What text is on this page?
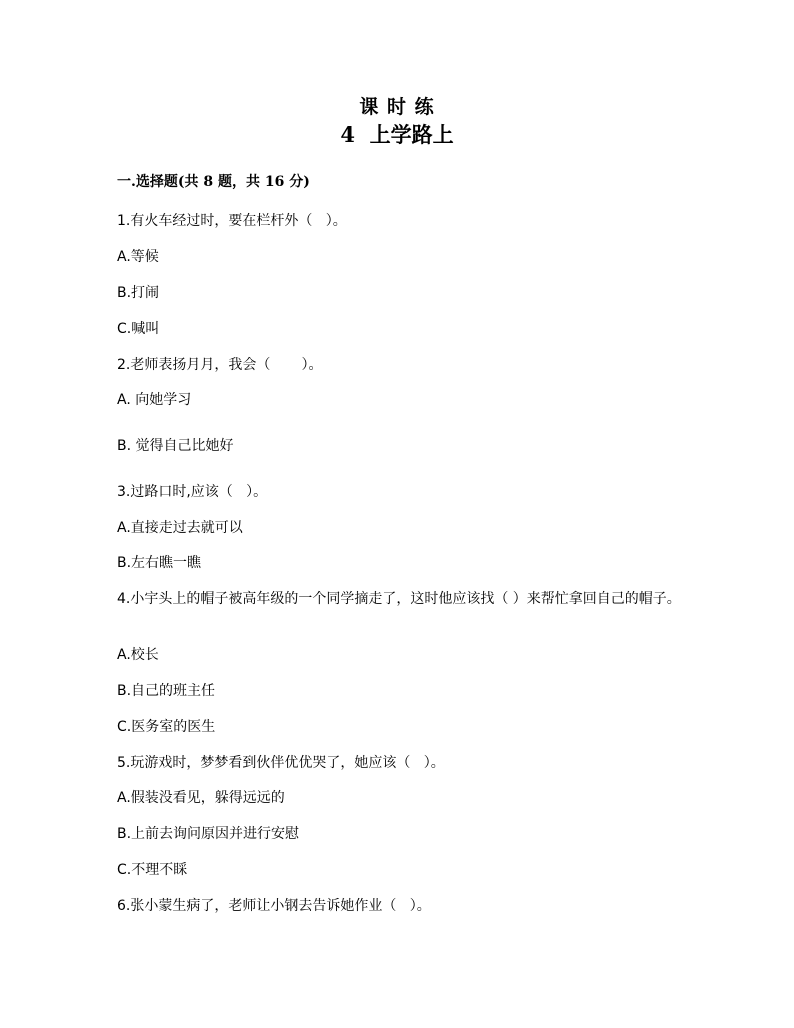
课 时 练
4  上学路上
一.选择题(共 8 题，共 16 分)
1.有火车经过时，要在栏杆外（   ）。
A.等候
B.打闹
C.喊叫
2.老师表扬月月，我会（       ）。
A. 向她学习
B. 觉得自己比她好
3.过路口时,应该（   ）。
A.直接走过去就可以
B.左右瞧一瞧
4.小宇头上的帽子被高年级的一个同学摘走了，这时他应该找（ ）来帮忙拿回自己的帽子。
A.校长
B.自己的班主任
C.医务室的医生
5.玩游戏时，梦梦看到伙伴优优哭了，她应该（   ）。
A.假装没看见，躲得远远的
B.上前去询问原因并进行安慰
C.不理不睬
6.张小蒙生病了，老师让小钢去告诉她作业（   ）。
